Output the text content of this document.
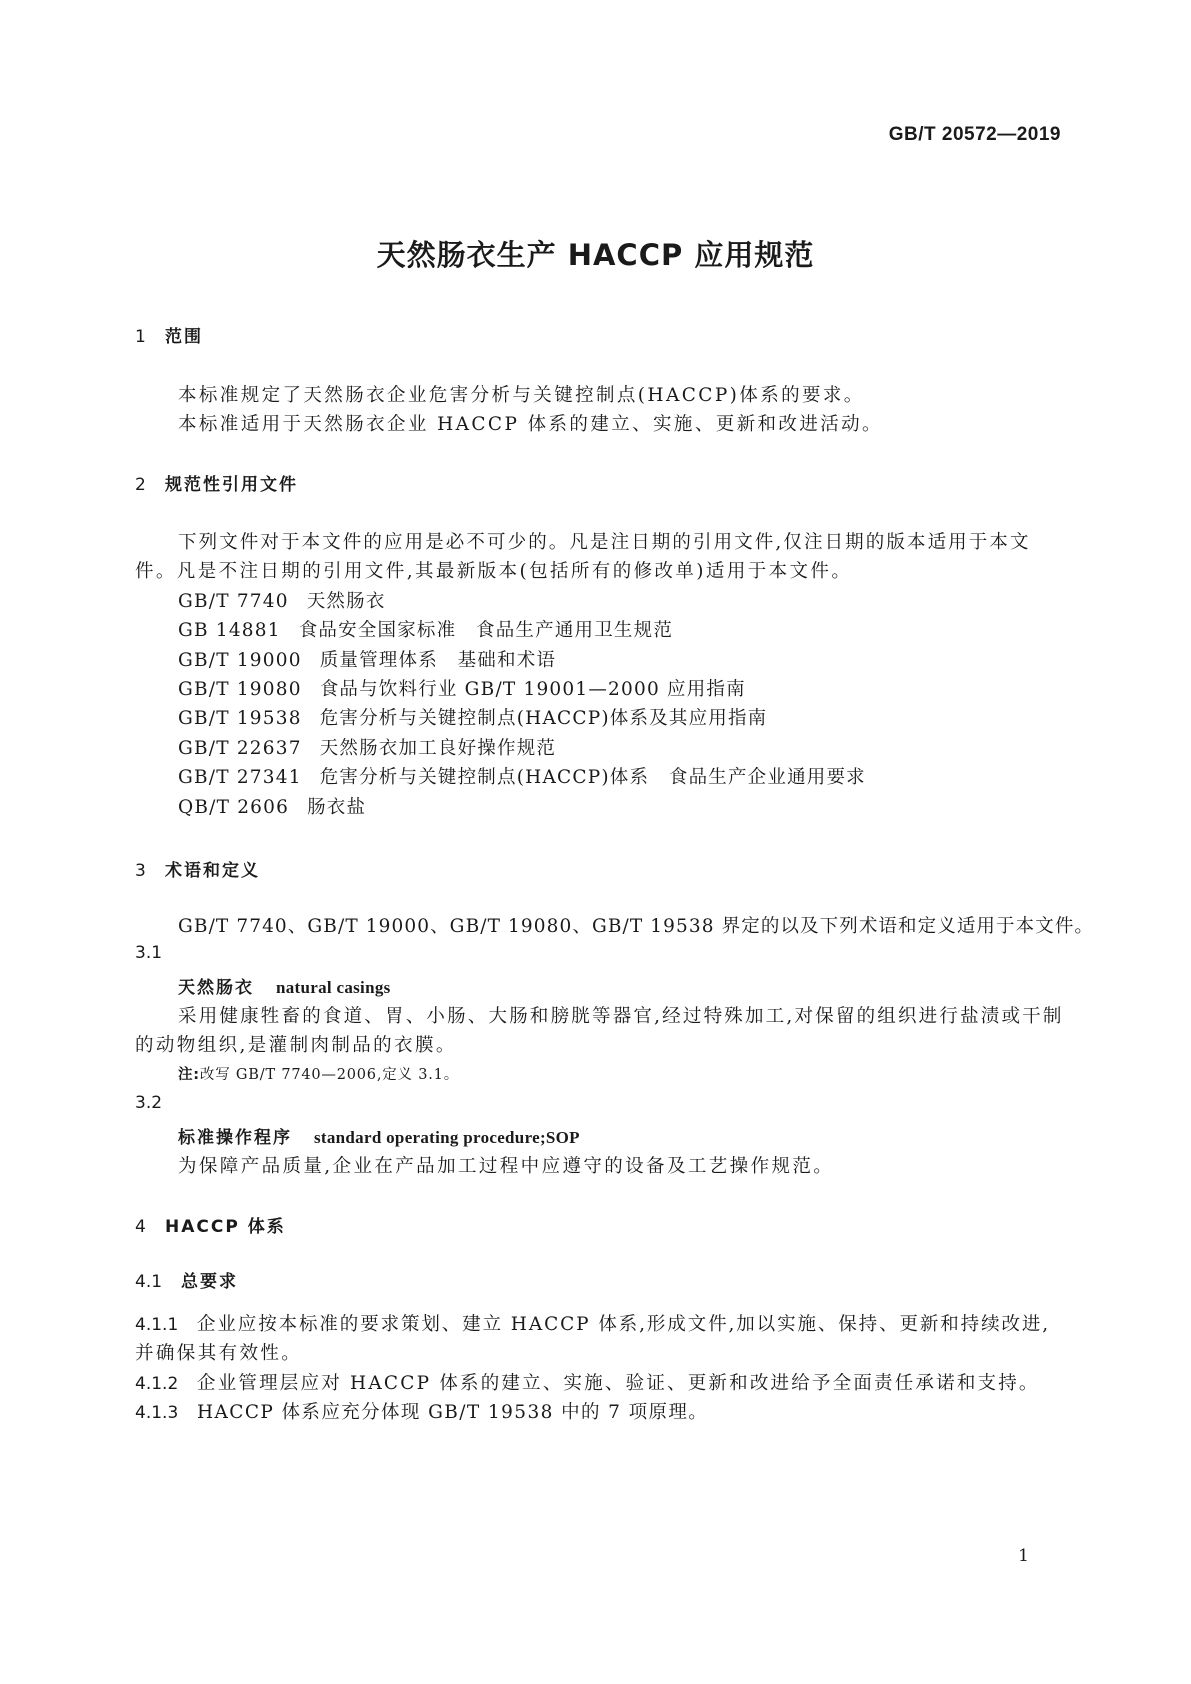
GB/T 20572—2019
天然肠衣生产 HACCP 应用规范
1 范围
本标准规定了天然肠衣企业危害分析与关键控制点(HACCP)体系的要求。
本标准适用于天然肠衣企业 HACCP 体系的建立、实施、更新和改进活动。
2 规范性引用文件
下列文件对于本文件的应用是必不可少的。凡是注日期的引用文件,仅注日期的版本适用于本文
件。凡是不注日期的引用文件,其最新版本(包括所有的修改单)适用于本文件。
GB/T 7740 天然肠衣
GB 14881 食品安全国家标准　食品生产通用卫生规范
GB/T 19000 质量管理体系　基础和术语
GB/T 19080 食品与饮料行业 GB/T 19001—2000 应用指南
GB/T 19538 危害分析与关键控制点(HACCP)体系及其应用指南
GB/T 22637 天然肠衣加工良好操作规范
GB/T 27341 危害分析与关键控制点(HACCP)体系　食品生产企业通用要求
QB/T 2606 肠衣盐
3 术语和定义
GB/T 7740、GB/T 19000、GB/T 19080、GB/T 19538 界定的以及下列术语和定义适用于本文件。
3.1
天然肠衣 natural casings
采用健康牲畜的食道、胃、小肠、大肠和膀胱等器官,经过特殊加工,对保留的组织进行盐渍或干制
的动物组织,是灌制肉制品的衣膜。
注:改写 GB/T 7740—2006,定义 3.1。
3.2
标准操作程序 standard operating procedure;SOP
为保障产品质量,企业在产品加工过程中应遵守的设备及工艺操作规范。
4 HACCP 体系
4.1 总要求
4.1.1 企业应按本标准的要求策划、建立 HACCP 体系,形成文件,加以实施、保持、更新和持续改进,
并确保其有效性。
4.1.2 企业管理层应对 HACCP 体系的建立、实施、验证、更新和改进给予全面责任承诺和支持。
4.1.3 HACCP 体系应充分体现 GB/T 19538 中的 7 项原理。
1
